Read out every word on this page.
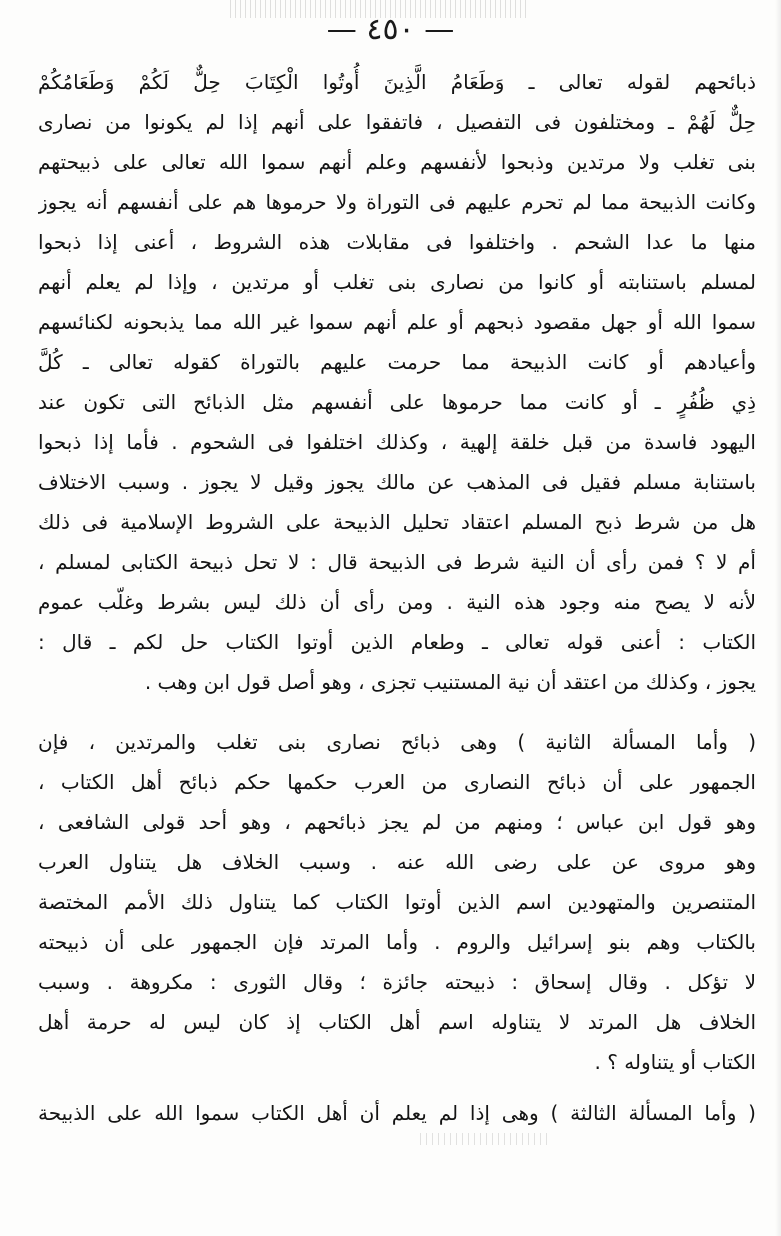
— ٤٥٠ —
ذبائحهم لقوله تعالى ـ وَطَعَامُ الَّذِينَ أُوتُوا الْكِتَابَ حِلٌّ لَكُمْ وَطَعَامُكُمْ
حِلٌّ لَهُمْ ـ ومختلفون فى التفصيل ، فاتفقوا على أنهم إذا لم يكونوا من نصارى
بنى تغلب ولا مرتدين وذبحوا لأنفسهم وعلم أنهم سموا الله تعالى على ذبيحتهم
وكانت الذبيحة مما لم تحرم عليهم فى التوراة ولا حرموها هم على أنفسهم أنه يجوز
منها ما عدا الشحم . واختلفوا فى مقابلات هذه الشروط ، أعنى إذا ذبحوا
لمسلم باستنابته أو كانوا من نصارى بنى تغلب أو مرتدين ، وإذا لم يعلم أنهم
سموا الله أو جهل مقصود ذبحهم أو علم أنهم سموا غير الله مما يذبحونه لكنائسهم
وأعيادهم أو كانت الذبيحة مما حرمت عليهم بالتوراة كقوله تعالى ـ كُلَّ
ذِي ظُفُرٍ ـ أو كانت مما حرموها على أنفسهم مثل الذبائح التى تكون عند
اليهود فاسدة من قبل خلقة إلهية ، وكذلك اختلفوا فى الشحوم . فأما إذا ذبحوا
باستنابة مسلم فقيل فى المذهب عن مالك يجوز وقيل لا يجوز . وسبب الاختلاف
هل من شرط ذبح المسلم اعتقاد تحليل الذبيحة على الشروط الإسلامية فى ذلك
أم لا ؟ فمن رأى أن النية شرط فى الذبيحة قال : لا تحل ذبيحة الكتابى لمسلم ،
لأنه لا يصح منه وجود هذه النية . ومن رأى أن ذلك ليس بشرط وغلّب عموم
الكتاب : أعنى قوله تعالى ـ وطعام الذين أوتوا الكتاب حل لكم ـ قال :
يجوز ، وكذلك من اعتقد أن نية المستنيب تجزى ، وهو أصل قول ابن وهب .
( وأما المسألة الثانية ) وهى ذبائح نصارى بنى تغلب والمرتدين ، فإن
الجمهور على أن ذبائح النصارى من العرب حكمها حكم ذبائح أهل الكتاب ،
وهو قول ابن عباس ؛ ومنهم من لم يجز ذبائحهم ، وهو أحد قولى الشافعى ،
وهو مروى عن على رضى الله عنه . وسبب الخلاف هل يتناول العرب
المتنصرين والمتهودين اسم الذين أوتوا الكتاب كما يتناول ذلك الأمم المختصة
بالكتاب وهم بنو إسرائيل والروم . وأما المرتد فإن الجمهور على أن ذبيحته
لا تؤكل . وقال إسحاق : ذبيحته جائزة ؛ وقال الثورى : مكروهة . وسبب
الخلاف هل المرتد لا يتناوله اسم أهل الكتاب إذ كان ليس له حرمة أهل
الكتاب أو يتناوله ؟ .
( وأما المسألة الثالثة ) وهى إذا لم يعلم أن أهل الكتاب سموا الله على الذبيحة
